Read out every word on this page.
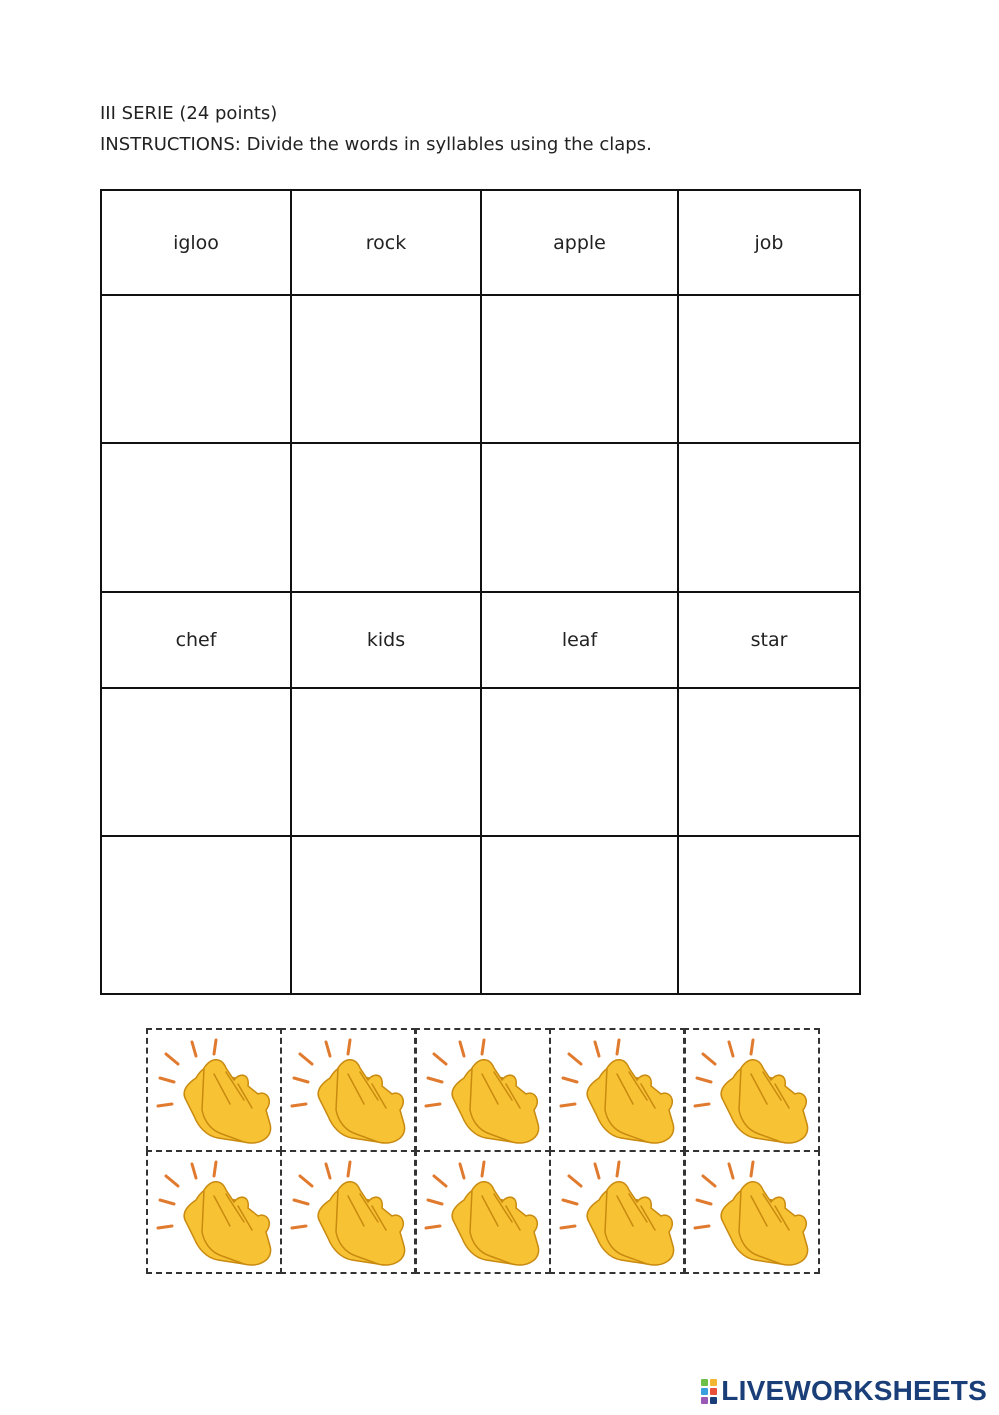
III SERIE (24 points)
INSTRUCTIONS: Divide the words in syllables using the claps.
igloo	rock	apple	job

chef	kids	leaf	star

LIVEWORKSHEETS
